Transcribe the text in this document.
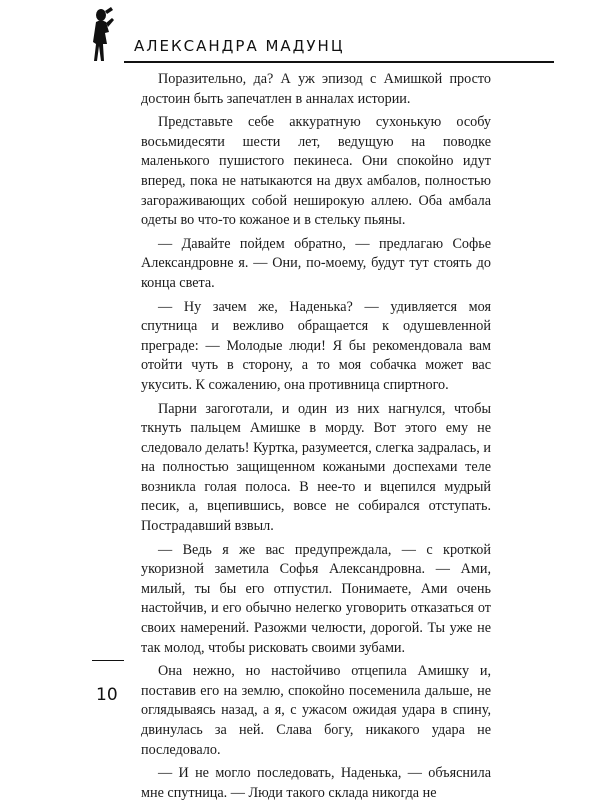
АЛЕКСАНДРА МАДУНЦ

Поразительно, да? А уж эпизод с Амишкой просто достоин быть запечатлен в анналах истории.

Представьте себе аккуратную сухонькую особу восьмидесяти шести лет, ведущую на поводке маленького пушистого пекинеса. Они спокойно идут вперед, пока не натыкаются на двух амбалов, полностью загораживающих собой неширокую аллею. Оба амбала одеты во что-то кожаное и в стельку пьяны.

— Давайте пойдем обратно, — предлагаю Софье Александровне я. — Они, по-моему, будут тут стоять до конца света.

— Ну зачем же, Наденька? — удивляется моя спутница и вежливо обращается к одушевленной преграде: — Молодые люди! Я бы рекомендовала вам отойти чуть в сторону, а то моя собачка может вас укусить. К сожалению, она противница спиртного.

Парни загоготали, и один из них нагнулся, чтобы ткнуть пальцем Амишке в морду. Вот этого ему не следовало делать! Куртка, разумеется, слегка задралась, и на полностью защищенном кожаными доспехами теле возникла голая полоса. В нее-то и вцепился мудрый песик, а, вцепившись, вовсе не собирался отступать. Пострадавший взвыл.

— Ведь я же вас предупреждала, — с кроткой укоризной заметила Софья Александровна. — Ами, милый, ты бы его отпустил. Понимаете, Ами очень настойчив, и его обычно нелегко уговорить отказаться от своих намерений. Разожми челюсти, дорогой. Ты уже не так молод, чтобы рисковать своими зубами.

Она нежно, но настойчиво отцепила Амишку и, поставив его на землю, спокойно посеменила дальше, не оглядываясь назад, а я, с ужасом ожидая удара в спину, двинулась за ней. Слава богу, никакого удара не последовало.

— И не могло последовать, Наденька, — объяснила мне спутница. — Люди такого склада никогда не

10
